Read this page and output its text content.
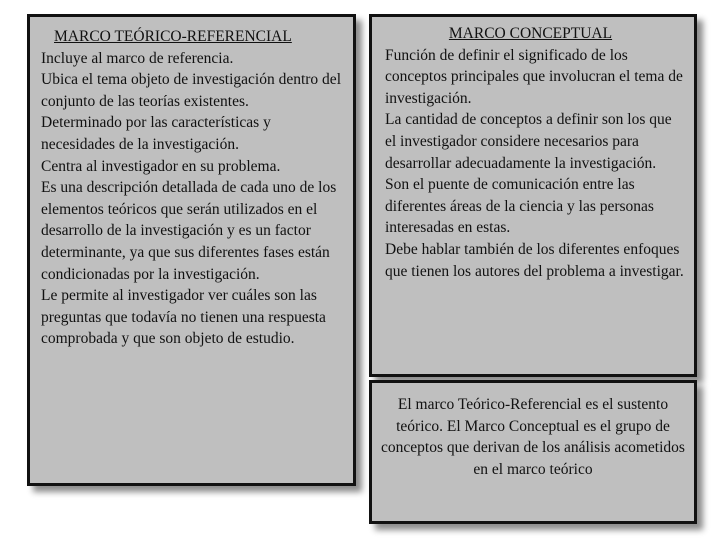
MARCO TEÓRICO-REFERENCIAL
Incluye al marco de referencia.
Ubica el tema objeto de investigación dentro del conjunto de las teorías existentes.
Determinado por las características y necesidades de la investigación.
Centra al investigador en su problema.
Es una descripción detallada de cada uno de los elementos teóricos que serán utilizados en el desarrollo de la investigación y es un factor determinante, ya que sus diferentes fases están condicionadas por la investigación.
Le permite al investigador ver cuáles son las preguntas que todavía no tienen una respuesta comprobada y que son objeto de estudio.
MARCO CONCEPTUAL
Función de definir el significado de los conceptos principales que involucran el tema de investigación.
La cantidad de conceptos a definir son los que el investigador considere necesarios para desarrollar adecuadamente la investigación.
Son el puente de comunicación entre las diferentes áreas de la ciencia y las personas interesadas en estas.
Debe hablar también de los diferentes enfoques que tienen los autores del problema a investigar.
El marco Teórico-Referencial es el sustento teórico. El Marco Conceptual es el grupo de conceptos que derivan de los análisis acometidos en el marco teórico
